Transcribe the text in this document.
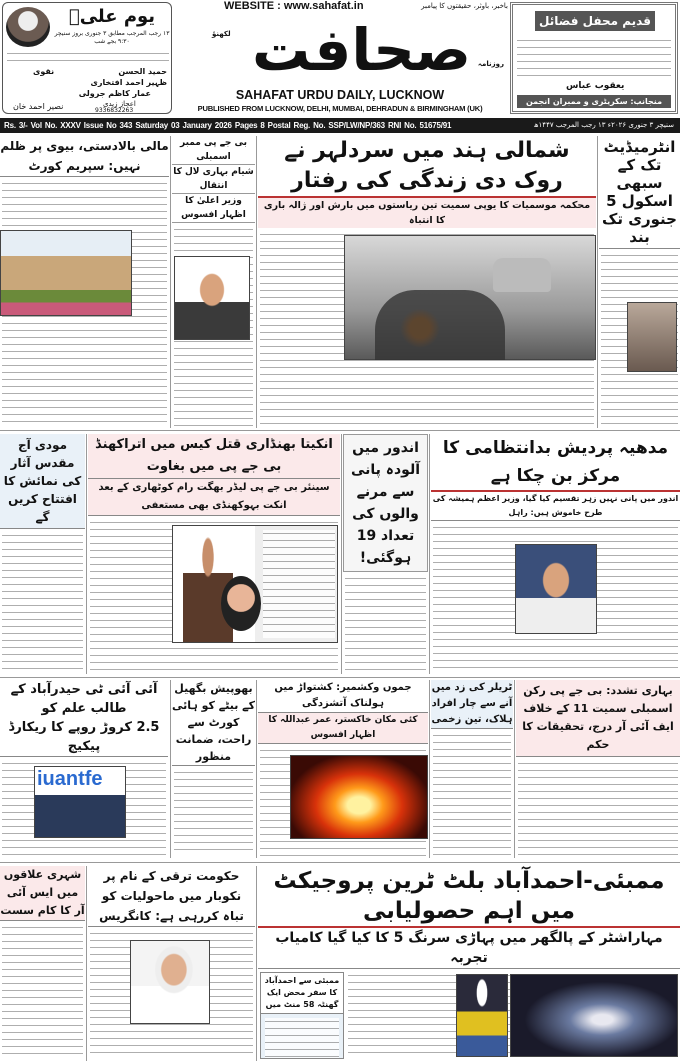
یوم علیؑ
۱۳ رجب المرجب مطابق ۳ جنوری بروز سنیچر ۹:۳۰ بجے شب
حمید الحسن
نقوی
ظہیر احمد افتخاری
عمار کاظم جرولی
اعجاز زیدی
9336832263
نصیر احمد خان
WEBSITE : www.sahafat.in	باخبر، باوثر، حقیقتوں کا پیامبر
صحافت روزنامہ
لکھنؤ
SAHAFAT URDU DAILY, LUCKNOW
PUBLISHED FROM LUCKNOW, DELHI, MUMBAI, DEHRADUN & BIRMINGHAM (UK)
قدیم محفل فضائل
یعقوب عباس
منجانب: سکریٹری و ممبران انجمن
Rs. 3/- Vol No. XXXV Issue No 343 Saturday 03 January 2026 Pages 8 Postal Reg. No. SSP/LW/NP/363 RNI No. 51675/91	سنیچر ۳ جنوری ۲۰۲۶ء ۱۳ رجب المرجب ۱۴۴۷ھ
انٹرمیڈیٹ تک کے سبھی اسکول 5 جنوری تک بند
شمالی ہند میں سردلہر نے روک دی زندگی کی رفتار
محکمہ موسمیات کا یوپی سمیت تین ریاستوں میں بارش اور ژالہ باری کا انتباہ
بی جے پی ممبر اسمبلی
شیام بہاری لال کا انتقال
وزیر اعلیٰ کا اظہار افسوس
مالی بالادستی، بیوی پر ظلم نہیں: سپریم کورٹ
مودی آج مقدس آثار کی نمائش کا افتتاح کریں گے
انکیتا بھنڈاری قتل کیس میں اتراکھنڈ بی جے پی میں بغاوت
سینئر بی جے پی لیڈر بھگت رام کوٹھاری کے بعد انکت بہوکھنڈی بھی مستعفی
اندور میں آلودہ پانی سے مرنے والوں کی تعداد 19 ہوگئی!
مدھیہ پردیش بدانتظامی کا مرکز بن چکا ہے
اندور میں پانی نہیں زہر تقسیم کیا گیا، وزیر اعظم ہمیشہ کی طرح خاموش ہیں: راہل
آئی آئی ٹی حیدرآباد کے طالب علم کو
2.5 کروڑ روپے کا ریکارڈ پیکیج
iuantfe
بھوپیش بگھیل کے بیٹے کو ہائی کورٹ سے راحت، ضمانت منظور
جموں وکشمیر: کشتواڑ میں ہولناک آتشزدگی
کئی مکان خاکستر، عمر عبداللہ کا اظہار افسوس
ٹریلر کی زد میں آنے سے چار افراد ہلاک، تین زخمی
بہاری تشدد: بی جے پی رکن اسمبلی سمیت 11 کے خلاف ایف آئی آر درج، تحقیقات کا حکم
شہری علاقوں میں ایس آئی آر کا کام سست
حکومت ترقی کے نام پر نکوبار میں ماحولیات کو تباہ کررہی ہے: کانگریس
ممبئی-احمدآباد بلٹ ٹرین پروجیکٹ میں اہم حصولیابی
مہاراشٹر کے پالگھر میں پہاڑی سرنگ 5 کا کیا گیا کامیاب تجربہ
ممبئی سے احمدآباد کا سفر محض ایک گھنٹہ 58 منٹ میں
